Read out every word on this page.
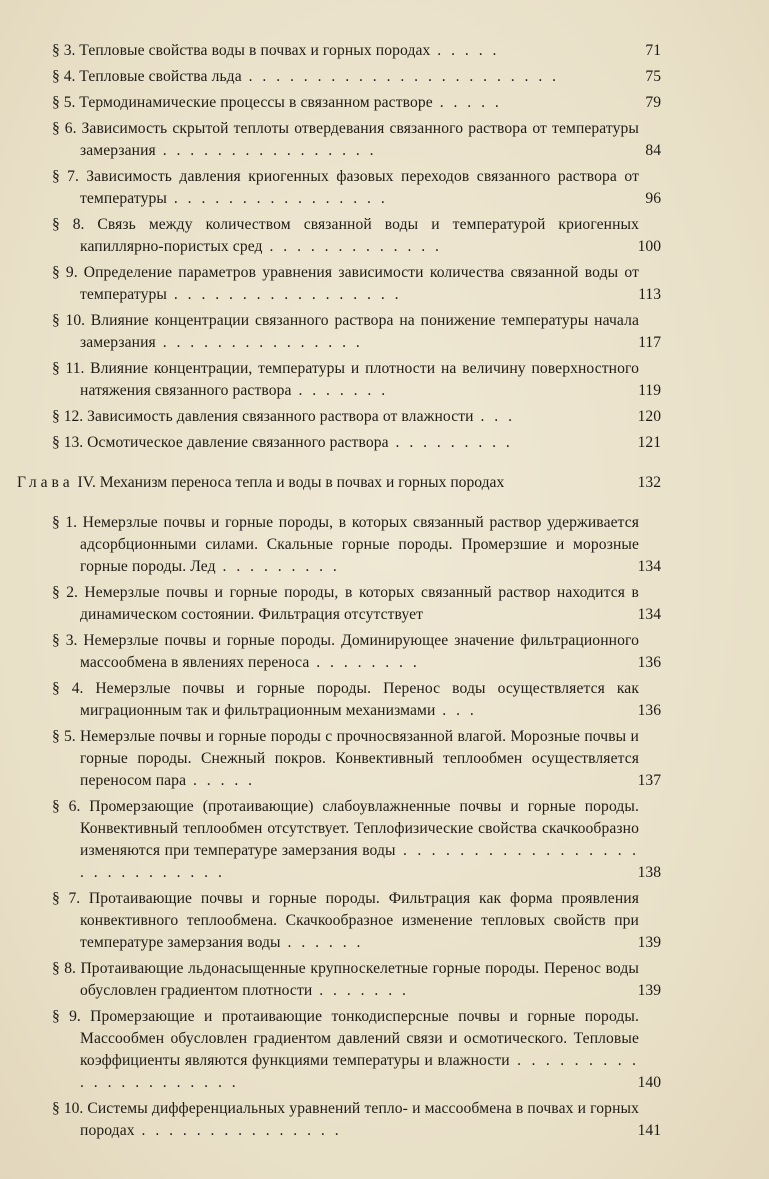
§ 3. Тепловые свойства воды в почвах и горных породах . . . . .	71
§ 4. Тепловые свойства льда . . . . . . . . . . . . . . . . . . . . . . .	75
§ 5. Термодинамические процессы в связанном растворе . . . . .	79
§ 6. Зависимость скрытой теплоты отвердевания связанного раствора от температуры замерзания . . . . . . . . . . . . . . . .	84
§ 7. Зависимость давления криогенных фазовых переходов связанного раствора от температуры . . . . . . . . . . . . . . . .	96
§ 8. Связь между количеством связанной воды и температурой криогенных капиллярно-пористых сред . . . . . . . . . . . . .	100
§ 9. Определение параметров уравнения зависимости количества связанной воды от температуры . . . . . . . . . . . . . . . . .	113
§ 10. Влияние концентрации связанного раствора на понижение температуры начала замерзания . . . . . . . . . . . . . . .	117
§ 11. Влияние концентрации, температуры и плотности на величину поверхностного натяжения связанного раствора . . . . . . .	119
§ 12. Зависимость давления связанного раствора от влажности . . .	120
§ 13. Осмотическое давление связанного раствора . . . . . . . . .	121
Глава IV. Механизм переноса тепла и воды в почвах и горных породах	132
§ 1. Немерзлые почвы и горные породы, в которых связанный раствор удерживается адсорбционными силами. Скальные горные породы. Промерзшие и морозные горные породы. Лед . . . . . . . . .	134
§ 2. Немерзлые почвы и горные породы, в которых связанный раствор находится в динамическом состоянии. Фильтрация отсутствует	134
§ 3. Немерзлые почвы и горные породы. Доминирующее значение фильтрационного массообмена в явлениях переноса . . . . . . . .	136
§ 4. Немерзлые почвы и горные породы. Перенос воды осуществляется как миграционным так и фильтрационным механизмами . . .	136
§ 5. Немерзлые почвы и горные породы с прочносвязанной влагой. Морозные почвы и горные породы. Снежный покров. Конвективный теплообмен осуществляется переносом пара . . . . .	137
§ 6. Промерзающие (протаивающие) слабоувлажненные почвы и горные породы. Конвективный теплообмен отсутствует. Теплофизические свойства скачкообразно изменяются при температуре замерзания воды . . . . . . . . . . . . . . . . . . . . . . . . . . . .	138
§ 7. Протаивающие почвы и горные породы. Фильтрация как форма проявления конвективного теплообмена. Скачкообразное изменение тепловых свойств при температуре замерзания воды . . . . . .	139
§ 8. Протаивающие льдонасыщенные крупноскелетные горные породы. Перенос воды обусловлен градиентом плотности . . . . . . .	139
§ 9. Промерзающие и протаивающие тонкодисперсные почвы и горные породы. Массообмен обусловлен градиентом давлений связи и осмотического. Тепловые коэффициенты являются функциями температуры и влажности . . . . . . . . . . . . . . . . . . . . .	140
§ 10. Системы дифференциальных уравнений тепло- и массообмена в почвах и горных породах . . . . . . . . . . . . . . .	141
